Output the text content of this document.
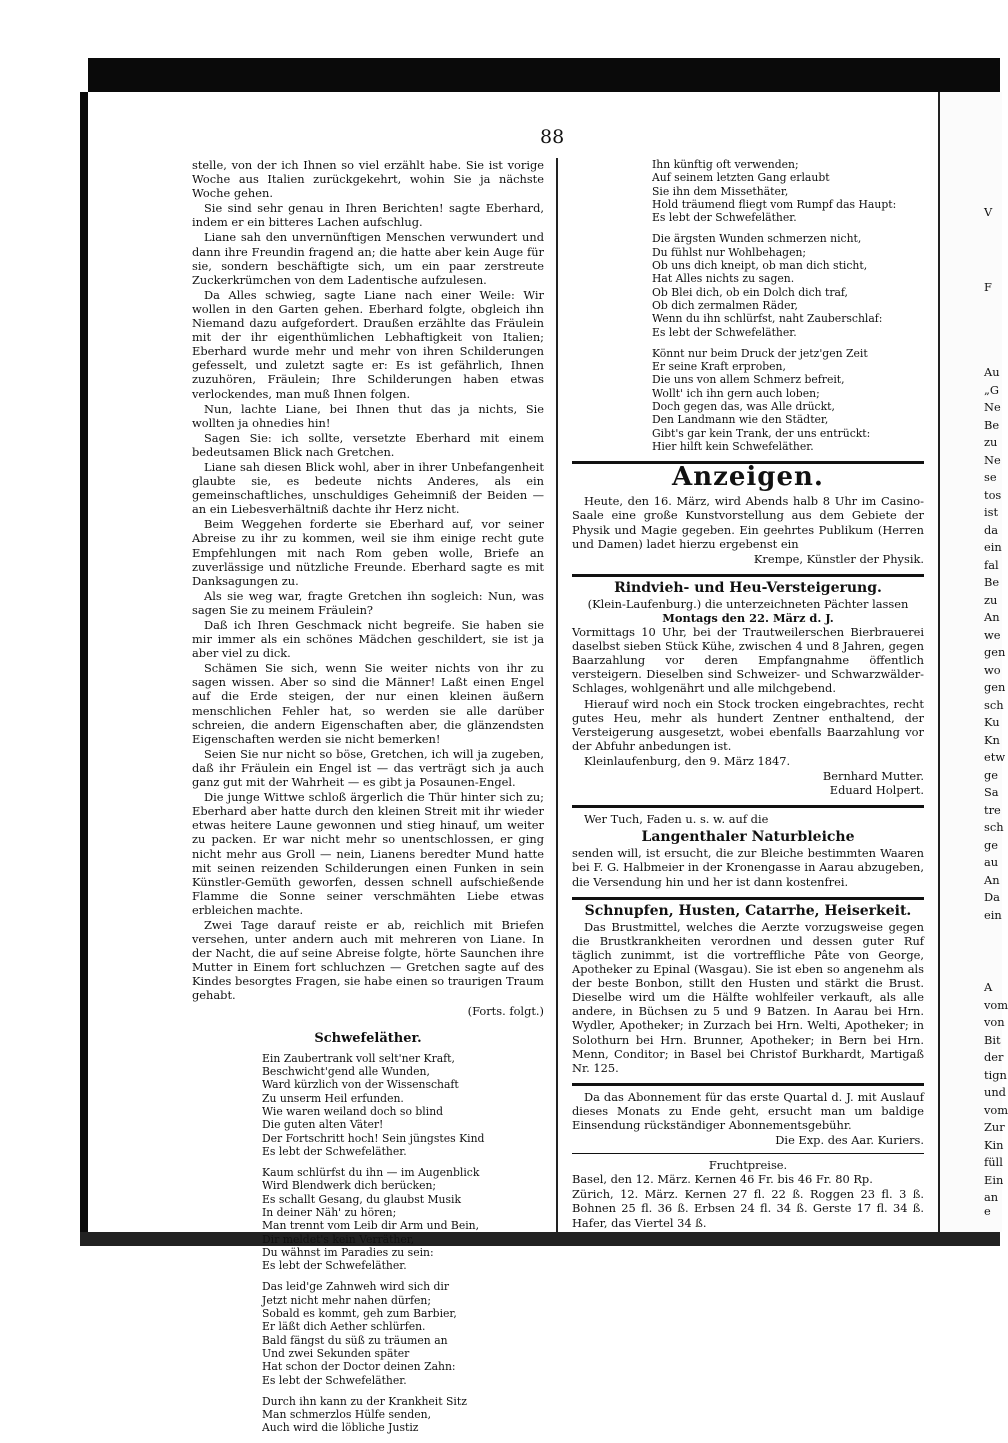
88

stelle, von der ich Ihnen so viel erzählt habe. Sie ist vorige Woche aus Italien zurückgekehrt, wohin Sie ja nächste Woche gehen.

Sie sind sehr genau in Ihren Berichten! sagte Eberhard, indem er ein bitteres Lachen aufschlug.

Liane sah den unvernünftigen Menschen verwundert und dann ihre Freundin fragend an; die hatte aber kein Auge für sie, sondern beschäftigte sich, um ein paar zerstreute Zuckerkrümchen von dem Ladentische aufzulesen.

Da Alles schwieg, sagte Liane nach einer Weile: Wir wollen in den Garten gehen. Eberhard folgte, obgleich ihn Niemand dazu aufgefordert. Draußen erzählte das Fräulein mit der ihr eigenthümlichen Lebhaftigkeit von Italien; Eberhard wurde mehr und mehr von ihren Schilderungen gefesselt, und zuletzt sagte er: Es ist gefährlich, Ihnen zuzuhören, Fräulein; Ihre Schilderungen haben etwas verlockendes, man muß Ihnen folgen.

Nun, lachte Liane, bei Ihnen thut das ja nichts, Sie wollten ja ohnedies hin!

Sagen Sie: ich sollte, versetzte Eberhard mit einem bedeutsamen Blick nach Gretchen.

Liane sah diesen Blick wohl, aber in ihrer Unbefangenheit glaubte sie, es bedeute nichts Anderes, als ein gemeinschaftliches, unschuldiges Geheimniß der Beiden — an ein Liebesverhältniß dachte ihr Herz nicht.

Beim Weggehen forderte sie Eberhard auf, vor seiner Abreise zu ihr zu kommen, weil sie ihm einige recht gute Empfehlungen mit nach Rom geben wolle, Briefe an zuverlässige und nützliche Freunde. Eberhard sagte es mit Danksagungen zu.

Als sie weg war, fragte Gretchen ihn sogleich: Nun, was sagen Sie zu meinem Fräulein?

Daß ich Ihren Geschmack nicht begreife. Sie haben sie mir immer als ein schönes Mädchen geschildert, sie ist ja aber viel zu dick.

Schämen Sie sich, wenn Sie weiter nichts von ihr zu sagen wissen. Aber so sind die Männer! Laßt einen Engel auf die Erde steigen, der nur einen kleinen äußern menschlichen Fehler hat, so werden sie alle darüber schreien, die andern Eigenschaften aber, die glänzendsten Eigenschaften werden sie nicht bemerken!

Seien Sie nur nicht so böse, Gretchen, ich will ja zugeben, daß ihr Fräulein ein Engel ist — das verträgt sich ja auch ganz gut mit der Wahrheit — es gibt ja Posaunen-Engel.

Die junge Wittwe schloß ärgerlich die Thür hinter sich zu; Eberhard aber hatte durch den kleinen Streit mit ihr wieder etwas heitere Laune gewonnen und stieg hinauf, um weiter zu packen. Er war nicht mehr so unentschlossen, er ging nicht mehr aus Groll — nein, Lianens beredter Mund hatte mit seinen reizenden Schilderungen einen Funken in sein Künstler-Gemüth geworfen, dessen schnell aufschießende Flamme die Sonne seiner verschmähten Liebe etwas erbleichen machte.

Zwei Tage darauf reiste er ab, reichlich mit Briefen versehen, unter andern auch mit mehreren von Liane. In der Nacht, die auf seine Abreise folgte, hörte Saunchen ihre Mutter in Einem fort schluchzen — Gretchen sagte auf des Kindes besorgtes Fragen, sie habe einen so traurigen Traum gehabt.

(Forts. folgt.)
Schwefeläther.
Ein Zaubertrank voll selt'ner Kraft,
Beschwicht'gend alle Wunden,
Ward kürzlich von der Wissenschaft
Zu unserm Heil erfunden.
Wie waren weiland doch so blind
Die guten alten Väter!
Der Fortschritt hoch! Sein jüngstes Kind
Es lebt der Schwefeläther.
Kaum schlürfst du ihn — im Augenblick
Wird Blendwerk dich berücken;
Es schallt Gesang, du glaubst Musik
In deiner Näh' zu hören;
Man trennt vom Leib dir Arm und Bein,
Dir meldet's kein Verräther,
Du wähnst im Paradies zu sein:
Es lebt der Schwefeläther.
Das leid'ge Zahnweh wird sich dir
Jetzt nicht mehr nahen dürfen;
Sobald es kommt, geh zum Barbier,
Er läßt dich Aether schlürfen.
Bald fängst du süß zu träumen an
Und zwei Sekunden später
Hat schon der Doctor deinen Zahn:
Es lebt der Schwefeläther.
Durch ihn kann zu der Krankheit Sitz
Man schmerzlos Hülfe senden,
Auch wird die löbliche Justiz
Ihn künftig oft verwenden;
Auf seinem letzten Gang erlaubt
Sie ihn dem Missethäter,
Hold träumend fliegt vom Rumpf das Haupt:
Es lebt der Schwefeläther.
Die ärgsten Wunden schmerzen nicht,
Du fühlst nur Wohlbehagen;
Ob uns dich kneipt, ob man dich sticht,
Hat Alles nichts zu sagen.
Ob Blei dich, ob ein Dolch dich traf,
Ob dich zermalmen Räder,
Wenn du ihn schlürfst, naht Zauberschlaf:
Es lebt der Schwefeläther.
Könnt nur beim Druck der jetz'gen Zeit
Er seine Kraft erproben,
Die uns von allem Schmerz befreit,
Wollt' ich ihn gern auch loben;
Doch gegen das, was Alle drückt,
Den Landmann wie den Städter,
Gibt's gar kein Trank, der uns entrückt:
Hier hilft kein Schwefeläther.
Anzeigen.

Heute, den 16. März, wird Abends halb 8 Uhr im Casino-Saale eine große Kunstvorstellung aus dem Gebiete der Physik und Magie gegeben. Ein geehrtes Publikum (Herren und Damen) ladet hierzu ergebenst ein

Krempe, Künstler der Physik.
Rindvieh- und Heu-Versteigerung.
(Klein-Laufenburg.) die unterzeichneten Pächter lassen
Montags den 22. März d. J.

Vormittags 10 Uhr, bei der Trautweilerschen Bierbrauerei daselbst sieben Stück Kühe, zwischen 4 und 8 Jahren, gegen Baarzahlung vor deren Empfangnahme öffentlich versteigern. Dieselben sind Schweizer- und Schwarzwälder-Schlages, wohlgenährt und alle milchgebend.

Hierauf wird noch ein Stock trocken eingebrachtes, recht gutes Heu, mehr als hundert Zentner enthaltend, der Versteigerung ausgesetzt, wobei ebenfalls Baarzahlung vor der Abfuhr anbedungen ist.

Kleinlaufenburg, den 9. März 1847.

Bernhard Mutter.
Eduard Holpert.

Wer Tuch, Faden u. s. w. auf die

Langenthaler Naturbleiche

senden will, ist ersucht, die zur Bleiche bestimmten Waaren bei F. G. Halbmeier in der Kronengasse in Aarau abzugeben, die Versendung hin und her ist dann kostenfrei.

Schnupfen, Husten, Catarrhe, Heiserkeit.

Das Brustmittel, welches die Aerzte vorzugsweise gegen die Brustkrankheiten verordnen und dessen guter Ruf täglich zunimmt, ist die vortreffliche Pâte von George, Apotheker zu Epinal (Wasgau). Sie ist eben so angenehm als der beste Bonbon, stillt den Husten und stärkt die Brust. Dieselbe wird um die Hälfte wohlfeiler verkauft, als alle andere, in Büchsen zu 5 und 9 Batzen. In Aarau bei Hrn. Wydler, Apotheker; in Zurzach bei Hrn. Welti, Apotheker; in Solothurn bei Hrn. Brunner, Apotheker; in Bern bei Hrn. Menn, Conditor; in Basel bei Christof Burkhardt, Martigaß Nr. 125.

Da das Abonnement für das erste Quartal d. J. mit Auslauf dieses Monats zu Ende geht, ersucht man um baldige Einsendung rückständiger Abonnementsgebühr.

Die Exp. des Aar. Kuriers.
Fruchtpreise.

Basel, den 12. März. Kernen 46 Fr. bis 46 Fr. 80 Rp.

Zürich, 12. März. Kernen 27 fl. 22 ß. Roggen 23 fl. 3 ß. Bohnen 25 fl. 36 ß. Erbsen 24 fl. 34 ß. Gerste 17 fl. 34 ß. Hafer, das Viertel 34 ß.

V
F
Au
„G
Ne
Be
zu
Ne
se
tos
ist
da
ein
fal
Be
zu
An
we
gen
wo
gen
sch
Ku
Kn
etw
ge
Sa
tre
sch
ge
au
An
Da
ein
A
vom
von
Bit
der
tign
und
vom
Zur
Kin
füll
Ein
an e
